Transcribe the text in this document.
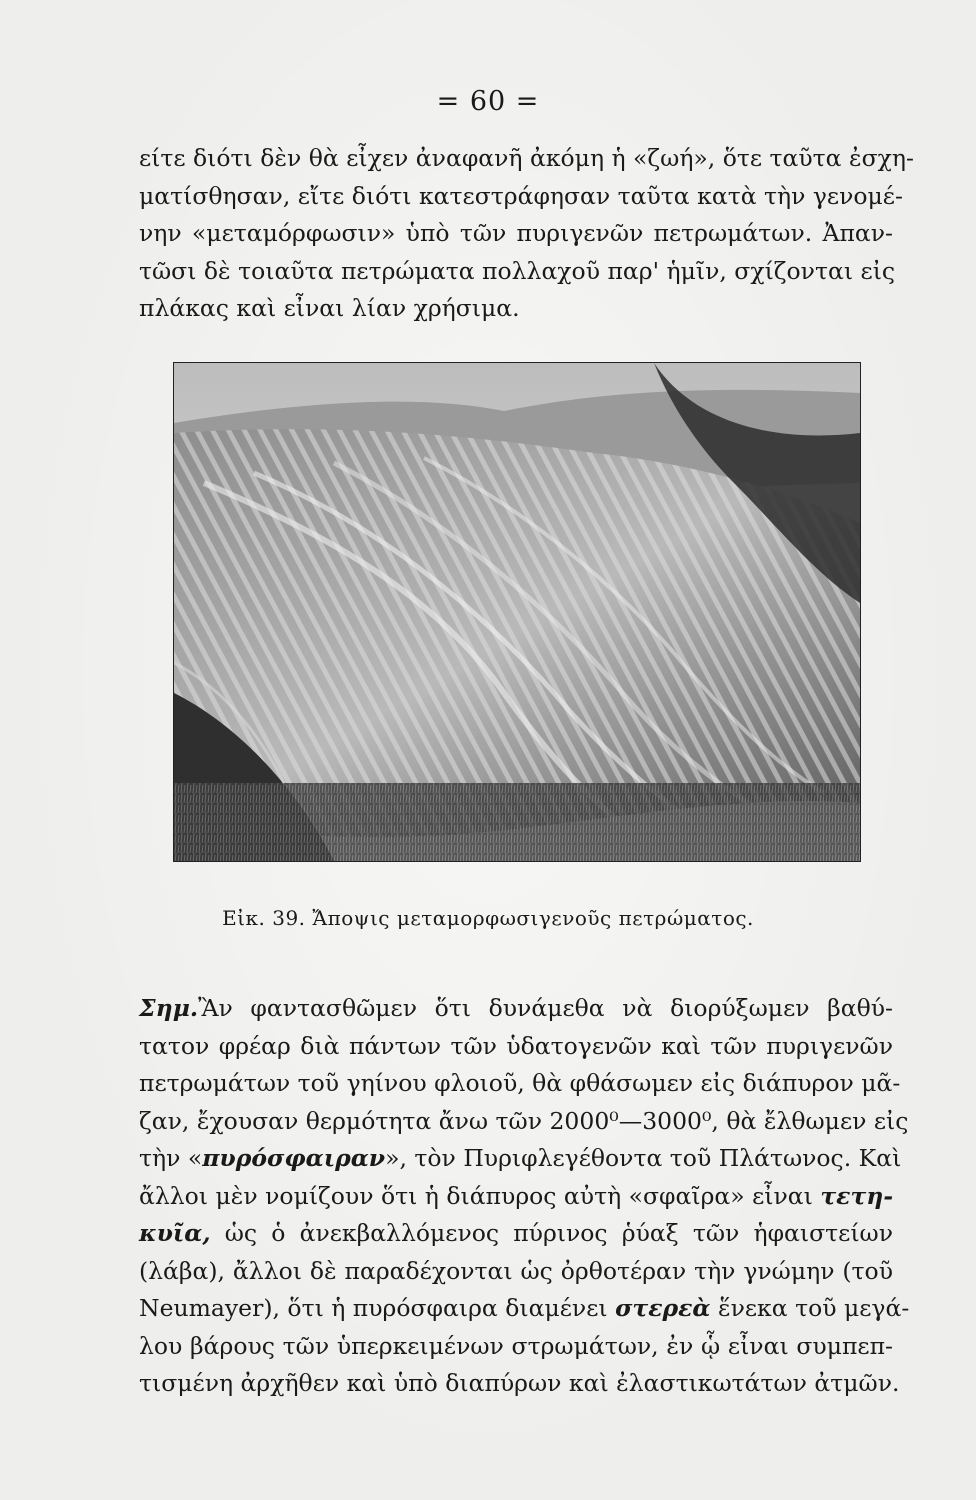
= 60 =
είτε διότι δὲν θὰ εἶχεν ἀναφανῆ ἀκόμη ἡ «ζωή», ὅτε ταῦτα ἐσχη-
ματίσθησαν, εἴτε διότι κατεστράφησαν ταῦτα κατὰ τὴν γενομέ-
νην «μεταμόρφωσιν» ὑπὸ τῶν πυριγενῶν πετρωμάτων. Ἀπαν-
τῶσι δὲ τοιαῦτα πετρώματα πολλαχοῦ παρ' ἡμῖν, σχίζονται εἰς
πλάκας καὶ εἶναι λίαν χρήσιμα.
Εἰκ. 39. Ἄποψις μεταμορφωσιγενοῦς πετρώματος.
Σημ.Ἂν φαντασθῶμεν ὅτι δυνάμεθα νὰ διορύξωμεν βαθύ-
τατον φρέαρ διὰ πάντων τῶν ὑδατογενῶν καὶ τῶν πυριγενῶν
πετρωμάτων τοῦ γηίνου φλοιοῦ, θὰ φθάσωμεν εἰς διάπυρον μᾶ-
ζαν, ἔχουσαν θερμότητα ἄνω τῶν 2000⁰—3000⁰, θὰ ἔλθωμεν εἰς
τὴν «πυρόσφαιραν», τὸν Πυριφλεγέθοντα τοῦ Πλάτωνος. Καὶ
ἄλλοι μὲν νομίζουν ὅτι ἡ διάπυρος αὐτὴ «σφαῖρα» εἶναι τετη-
κυῖα, ὡς ὁ ἀνεκβαλλόμενος πύρινος ῥύαξ τῶν ἡφαιστείων
(λάβα), ἄλλοι δὲ παραδέχονται ὡς ὀρθοτέραν τὴν γνώμην (τοῦ
Neumayer), ὅτι ἡ πυρόσφαιρα διαμένει στερεὰ ἕνεκα τοῦ μεγά-
λου βάρους τῶν ὑπερκειμένων στρωμάτων, ἐν ᾧ εἶναι συμπεπ-
τισμένη ἀρχῆθεν καὶ ὑπὸ διαπύρων καὶ ἐλαστικωτάτων ἀτμῶν.
